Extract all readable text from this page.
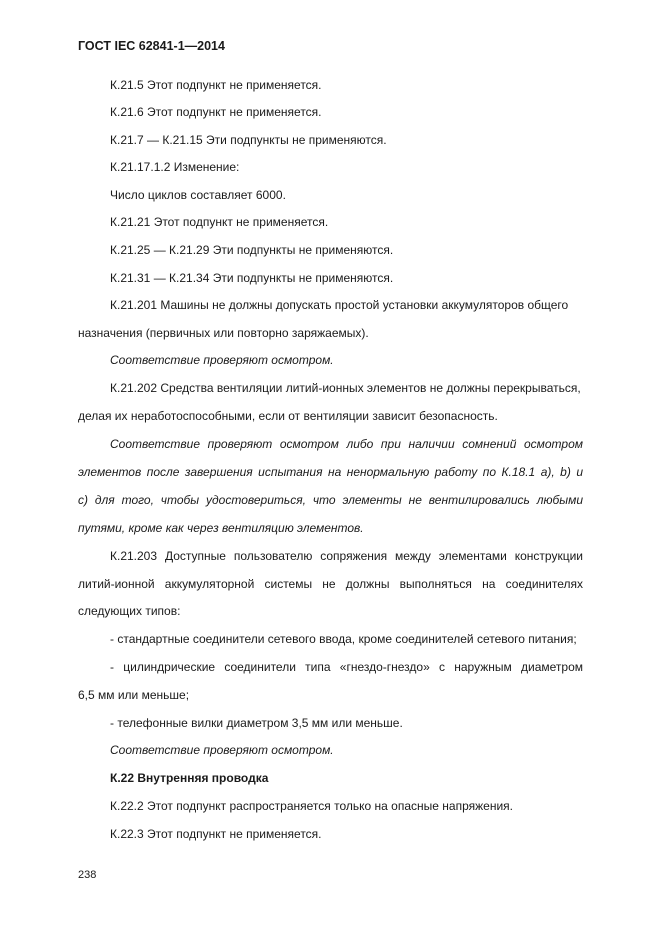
ГОСТ IEC 62841-1—2014
К.21.5 Этот подпункт не применяется.
К.21.6 Этот подпункт не применяется.
К.21.7 — К.21.15 Эти подпункты не применяются.
К.21.17.1.2 Изменение:
Число циклов составляет 6000.
К.21.21 Этот подпункт не применяется.
К.21.25 — К.21.29 Эти подпункты не применяются.
К.21.31 — К.21.34 Эти подпункты не применяются.
К.21.201 Машины не должны допускать простой установки аккумуляторов общего
назначения (первичных или повторно заряжаемых).
Соответствие проверяют осмотром.
К.21.202 Средства вентиляции литий-ионных элементов не должны перекрываться,
делая их неработоспособными, если от вентиляции зависит безопасность.
Соответствие проверяют осмотром либо при наличии сомнений осмотром
элементов после завершения испытания на ненормальную работу по К.18.1 a), b) и
c) для того, чтобы удостовериться, что элементы не вентилировались любыми
путями, кроме как через вентиляцию элементов.
К.21.203 Доступные пользователю сопряжения между элементами конструкции
литий-ионной аккумуляторной системы не должны выполняться на соединителях
следующих типов:
- стандартные соединители сетевого ввода, кроме соединителей сетевого питания;
- цилиндрические соединители типа «гнездо-гнездо» с наружным диаметром
6,5 мм или меньше;
- телефонные вилки диаметром 3,5 мм или меньше.
Соответствие проверяют осмотром.
К.22 Внутренняя проводка
К.22.2 Этот подпункт распространяется только на опасные напряжения.
К.22.3 Этот подпункт не применяется.
238
